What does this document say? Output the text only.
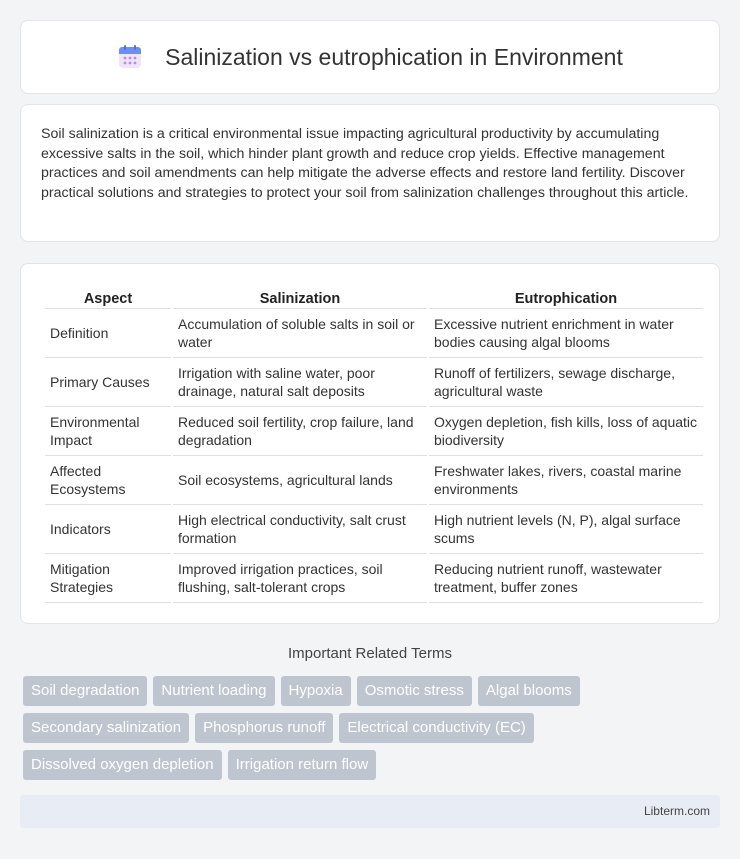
Salinization vs eutrophication in Environment

Soil salinization is a critical environmental issue impacting agricultural productivity by accumulating excessive salts in the soil, which hinder plant growth and reduce crop yields. Effective management practices and soil amendments can help mitigate the adverse effects and restore land fertility. Discover practical solutions and strategies to protect your soil from salinization challenges throughout this article.

Aspect	Salinization	Eutrophication
Definition	Accumulation of soluble salts in soil or water	Excessive nutrient enrichment in water bodies causing algal blooms
Primary Causes	Irrigation with saline water, poor drainage, natural salt deposits	Runoff of fertilizers, sewage discharge, agricultural waste
Environmental Impact	Reduced soil fertility, crop failure, land degradation	Oxygen depletion, fish kills, loss of aquatic biodiversity
Affected Ecosystems	Soil ecosystems, agricultural lands	Freshwater lakes, rivers, coastal marine environments
Indicators	High electrical conductivity, salt crust formation	High nutrient levels (N, P), algal surface scums
Mitigation Strategies	Improved irrigation practices, soil flushing, salt-tolerant crops	Reducing nutrient runoff, wastewater treatment, buffer zones
Important Related Terms
Soil degradation	Nutrient loading	Hypoxia	Osmotic stress	Algal blooms
Secondary salinization	Phosphorus runoff	Electrical conductivity (EC)
Dissolved oxygen depletion	Irrigation return flow
Libterm.com
